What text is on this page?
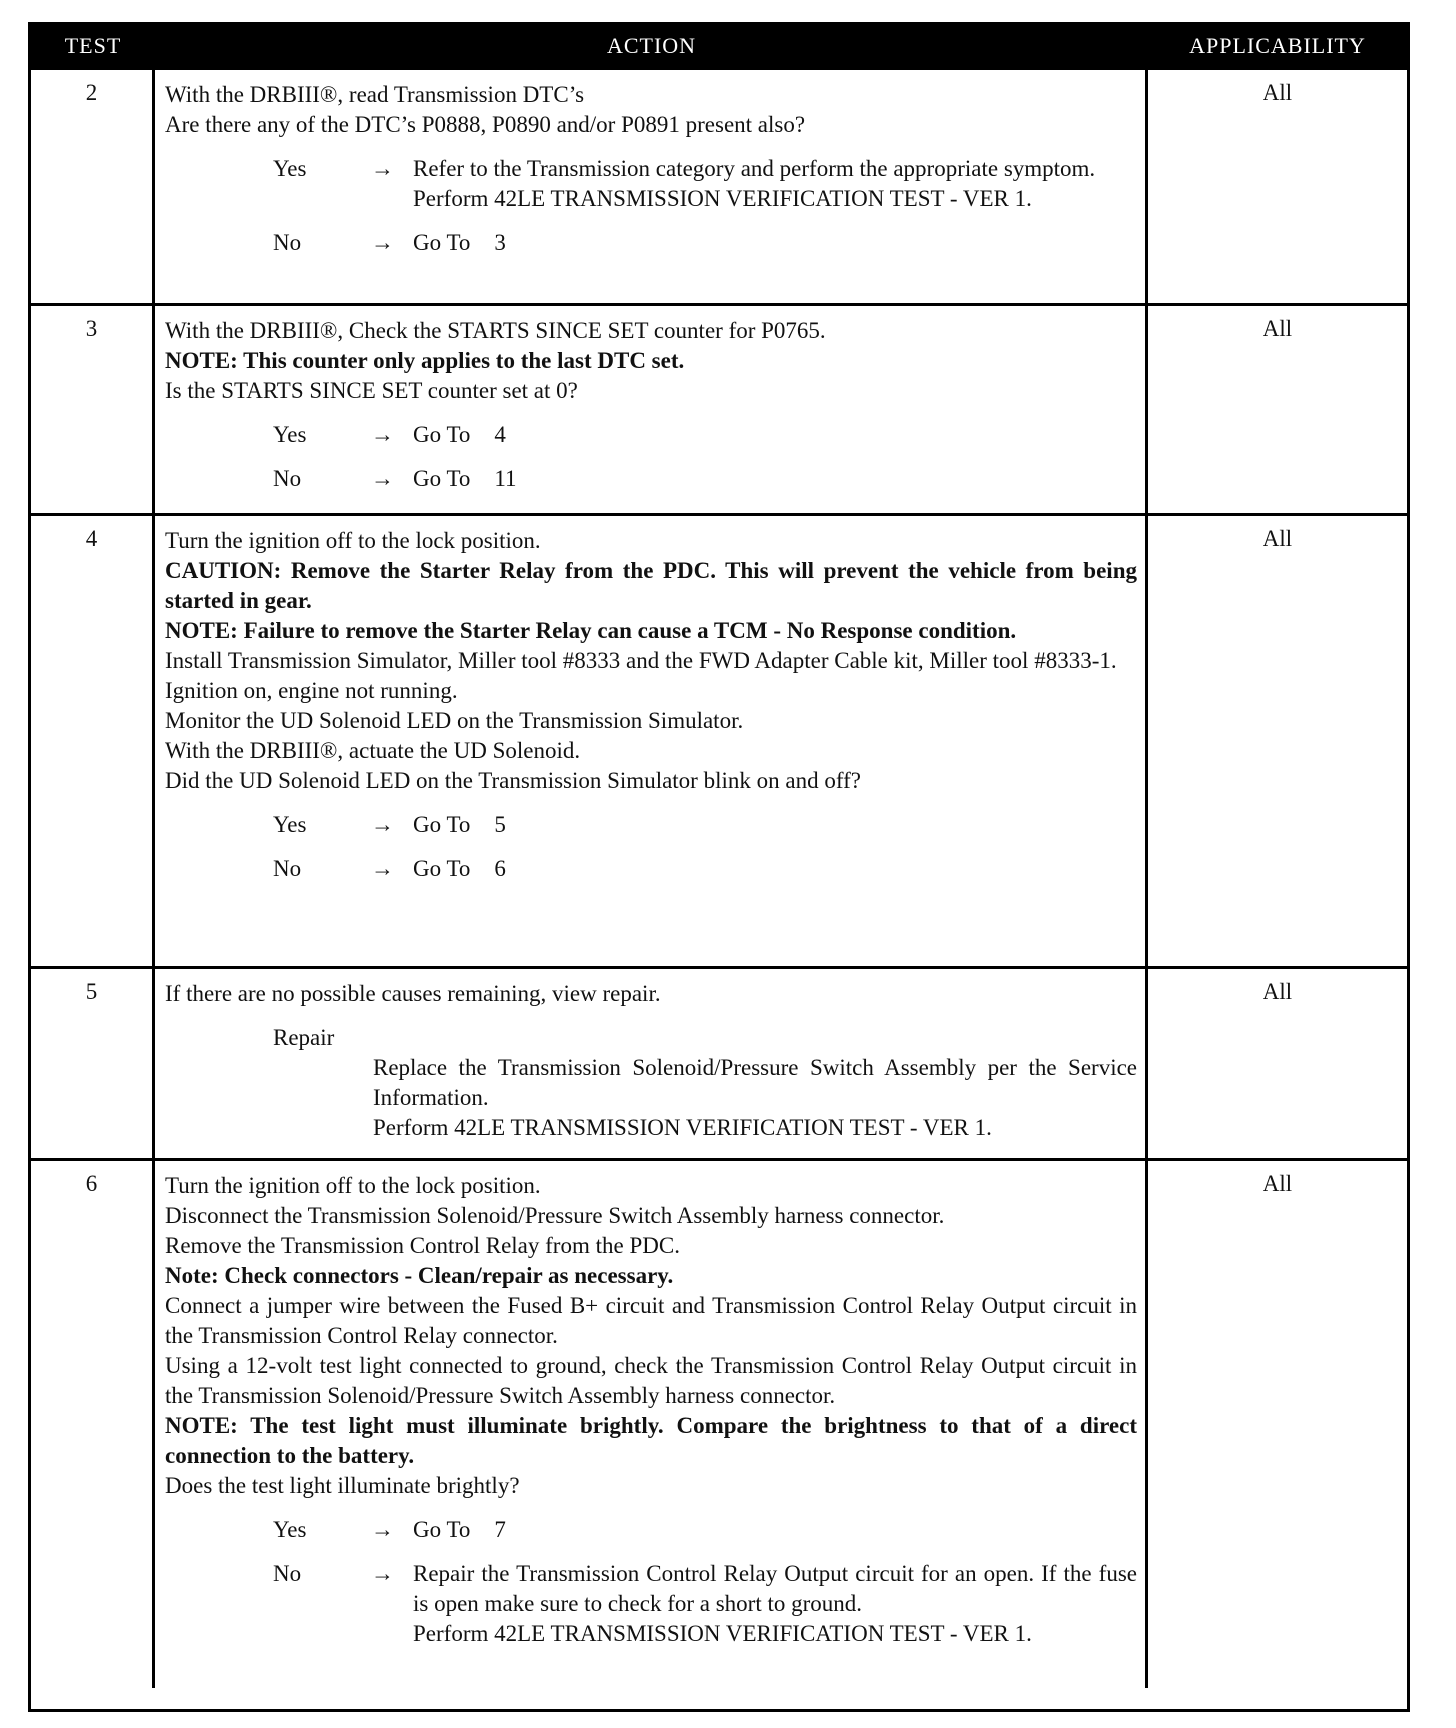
TEST	ACTION	APPLICABILITY
2	With the DRBIII®, read Transmission DTC’s
Are there any of the DTC’s P0888, P0890 and/or P0891 present also?
Yes	→ Refer to the Transmission category and perform the appropriate symptom.
Perform 42LE TRANSMISSION VERIFICATION TEST - VER 1.
No	→ Go To 3
All
3	With the DRBIII®, Check the STARTS SINCE SET counter for P0765.
NOTE: This counter only applies to the last DTC set.
Is the STARTS SINCE SET counter set at 0?
Yes	→ Go To 4
No	→ Go To 11
All
4	Turn the ignition off to the lock position.
CAUTION: Remove the Starter Relay from the PDC. This will prevent the vehicle from being started in gear.
NOTE: Failure to remove the Starter Relay can cause a TCM - No Response condition.
Install Transmission Simulator, Miller tool #8333 and the FWD Adapter Cable kit, Miller tool #8333-1.
Ignition on, engine not running.
Monitor the UD Solenoid LED on the Transmission Simulator.
With the DRBIII®, actuate the UD Solenoid.
Did the UD Solenoid LED on the Transmission Simulator blink on and off?
Yes	→ Go To 5
No	→ Go To 6
All
5	If there are no possible causes remaining, view repair.
Repair
Replace the Transmission Solenoid/Pressure Switch Assembly per the Service Information.
Perform 42LE TRANSMISSION VERIFICATION TEST - VER 1.
All
6	Turn the ignition off to the lock position.
Disconnect the Transmission Solenoid/Pressure Switch Assembly harness connector.
Remove the Transmission Control Relay from the PDC.
Note: Check connectors - Clean/repair as necessary.
Connect a jumper wire between the Fused B+ circuit and Transmission Control Relay Output circuit in the Transmission Control Relay connector.
Using a 12-volt test light connected to ground, check the Transmission Control Relay Output circuit in the Transmission Solenoid/Pressure Switch Assembly harness connector.
NOTE: The test light must illuminate brightly. Compare the brightness to that of a direct connection to the battery.
Does the test light illuminate brightly?
Yes	→ Go To 7
No	→ Repair the Transmission Control Relay Output circuit for an open. If the fuse is open make sure to check for a short to ground.
Perform 42LE TRANSMISSION VERIFICATION TEST - VER 1.
All
